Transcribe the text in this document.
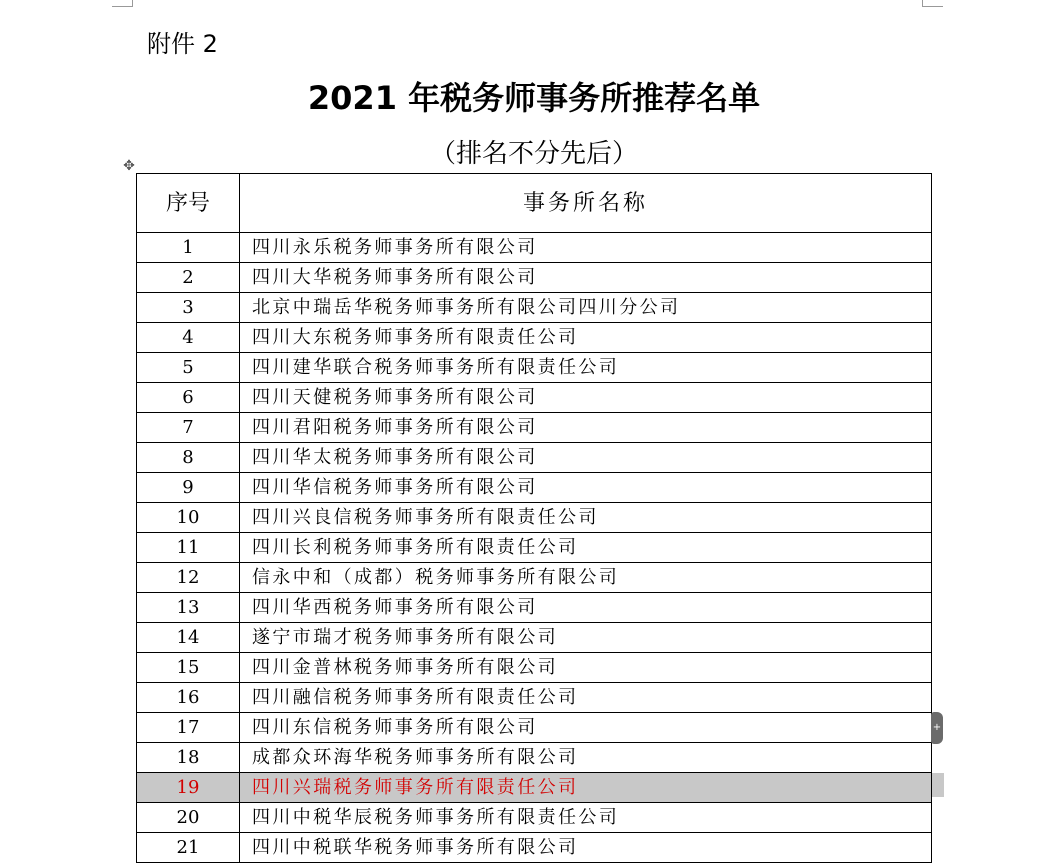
附件 2
2021 年税务师事务所推荐名单
（排名不分先后）
✥
序号	事务所名称
1	四川永乐税务师事务所有限公司
2	四川大华税务师事务所有限公司
3	北京中瑞岳华税务师事务所有限公司四川分公司
4	四川大东税务师事务所有限责任公司
5	四川建华联合税务师事务所有限责任公司
6	四川天健税务师事务所有限公司
7	四川君阳税务师事务所有限公司
8	四川华太税务师事务所有限公司
9	四川华信税务师事务所有限公司
10	四川兴良信税务师事务所有限责任公司
11	四川长利税务师事务所有限责任公司
12	信永中和（成都）税务师事务所有限公司
13	四川华西税务师事务所有限公司
14	遂宁市瑞才税务师事务所有限公司
15	四川金普林税务师事务所有限公司
16	四川融信税务师事务所有限责任公司
17	四川东信税务师事务所有限公司
18	成都众环海华税务师事务所有限公司
19	四川兴瑞税务师事务所有限责任公司
20	四川中税华辰税务师事务所有限责任公司
21	四川中税联华税务师事务所有限公司
+
